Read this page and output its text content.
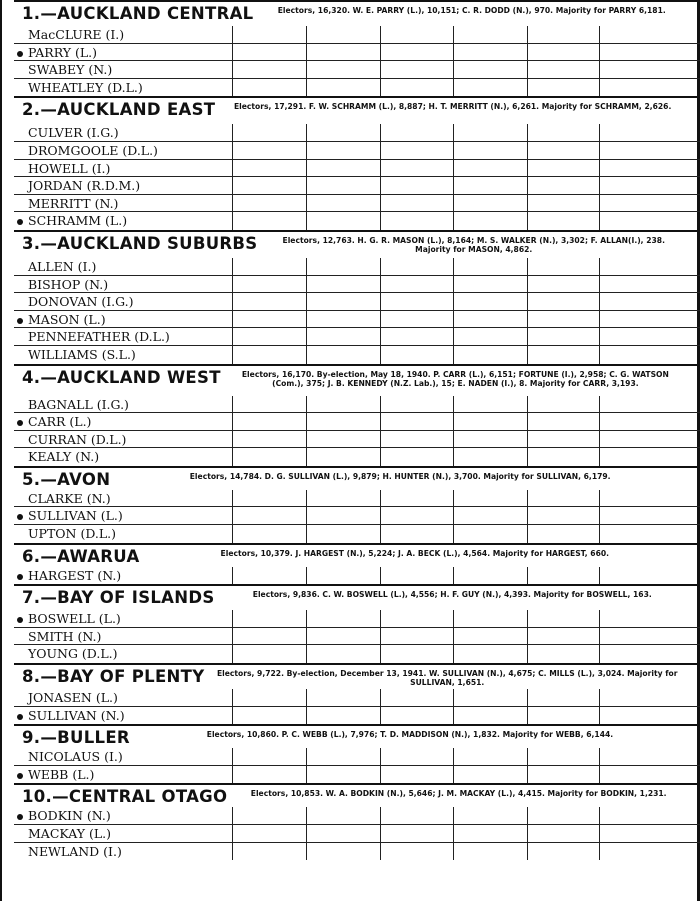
1.—AUCKLAND CENTRAL	Electors, 16,320. W. E. PARRY (L.), 10,151; C. R. DODD (N.), 970. Majority for PARRY 6,181.
MacCLURE (I.)
PARRY (L.)
SWABEY (N.)
WHEATLEY (D.L.)
2.—AUCKLAND EAST	Electors, 17,291. F. W. SCHRAMM (L.), 8,887; H. T. MERRITT (N.), 6,261. Majority for SCHRAMM, 2,626.
CULVER (I.G.)
DROMGOOLE (D.L.)
HOWELL (I.)
JORDAN (R.D.M.)
MERRITT (N.)
SCHRAMM (L.)
3.—AUCKLAND SUBURBS	Electors, 12,763. H. G. R. MASON (L.), 8,164; M. S. WALKER (N.), 3,302; F. ALLAN(I.), 238. Majority for MASON, 4,862.
ALLEN (I.)
BISHOP (N.)
DONOVAN (I.G.)
MASON (L.)
PENNEFATHER (D.L.)
WILLIAMS (S.L.)
4.—AUCKLAND WEST	Electors, 16,170. By-election, May 18, 1940. P. CARR (L.), 6,151; FORTUNE (I.), 2,958; C. G. WATSON (Com.), 375; J. B. KENNEDY (N.Z. Lab.), 15; E. NADEN (I.), 8. Majority for CARR, 3,193.
BAGNALL (I.G.)
CARR (L.)
CURRAN (D.L.)
KEALY (N.)
5.—AVON	Electors, 14,784. D. G. SULLIVAN (L.), 9,879; H. HUNTER (N.), 3,700. Majority for SULLIVAN, 6,179.
CLARKE (N.)
SULLIVAN (L.)
UPTON (D.L.)
6.—AWARUA	Electors, 10,379. J. HARGEST (N.), 5,224; J. A. BECK (L.), 4,564. Majority for HARGEST, 660.
HARGEST (N.)
7.—BAY OF ISLANDS	Electors, 9,836. C. W. BOSWELL (L.), 4,556; H. F. GUY (N.), 4,393. Majority for BOSWELL, 163.
BOSWELL (L.)
SMITH (N.)
YOUNG (D.L.)
8.—BAY OF PLENTY	Electors, 9,722. By-election, December 13, 1941. W. SULLIVAN (N.), 4,675; C. MILLS (L.), 3,024. Majority for SULLIVAN, 1,651.
JONASEN (L.)
SULLIVAN (N.)
9.—BULLER	Electors, 10,860. P. C. WEBB (L.), 7,976; T. D. MADDISON (N.), 1,832. Majority for WEBB, 6,144.
NICOLAUS (I.)
WEBB (L.)
10.—CENTRAL OTAGO	Electors, 10,853. W. A. BODKIN (N.), 5,646; J. M. MACKAY (L.), 4,415. Majority for BODKIN, 1,231.
BODKIN (N.)
MACKAY (L.)
NEWLAND (I.)
